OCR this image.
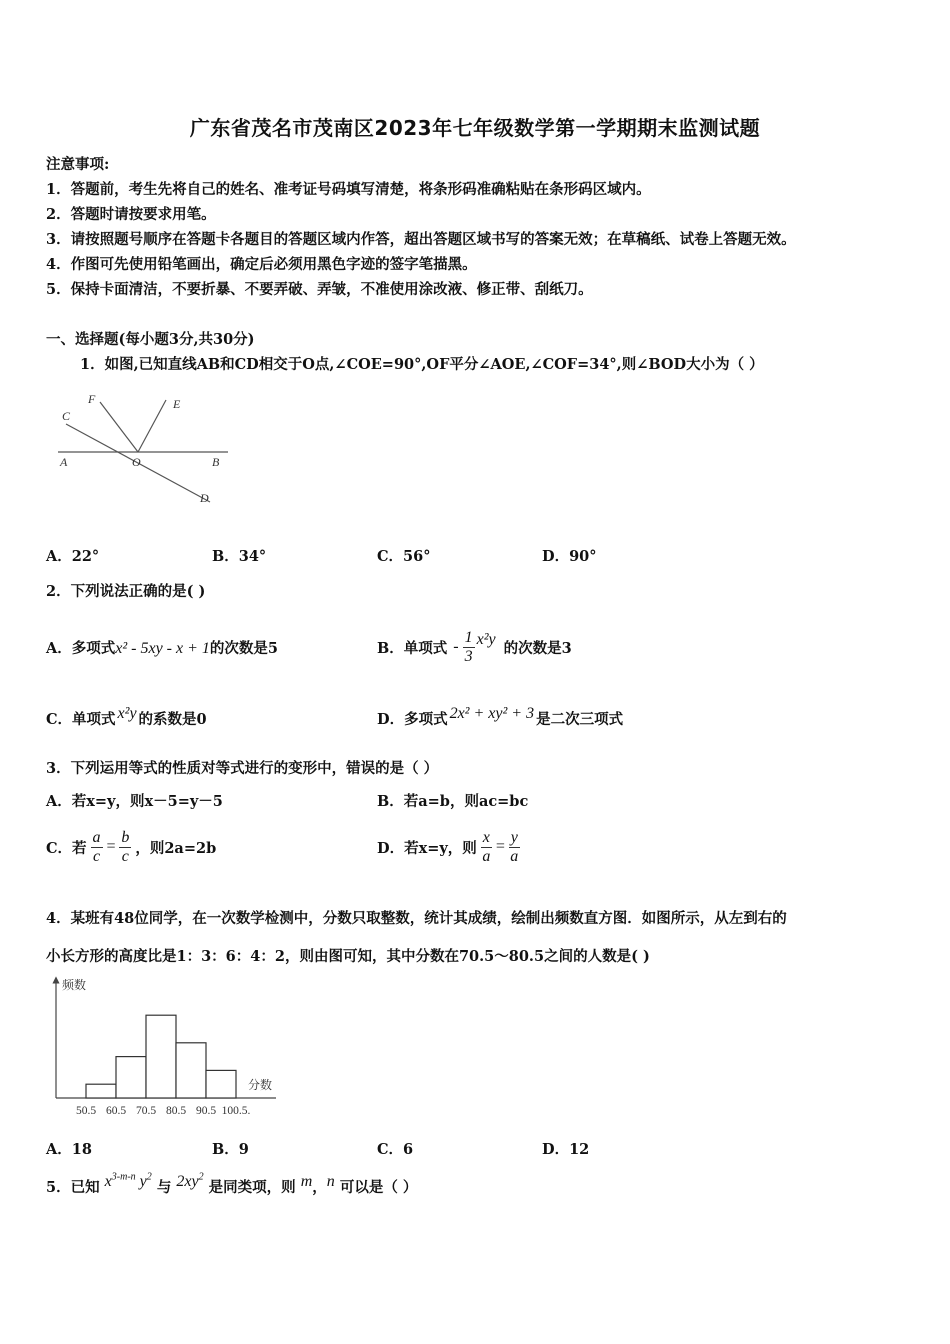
广东省茂名市茂南区2023年七年级数学第一学期期末监测试题
注意事项:
1．答题前，考生先将自己的姓名、准考证号码填写清楚，将条形码准确粘贴在条形码区域内。
2．答题时请按要求用笔。
3．请按照题号顺序在答题卡各题目的答题区域内作答，超出答题区域书写的答案无效；在草稿纸、试卷上答题无效。
4．作图可先使用铅笔画出，确定后必须用黑色字迹的签字笔描黑。
5．保持卡面清洁，不要折暴、不要弄破、弄皱，不准使用涂改液、修正带、刮纸刀。
一、选择题(每小题3分,共30分)
1．如图,已知直线AB和CD相交于O点,∠COE=90°,OF平分∠AOE,∠COF=34°,则∠BOD大小为（ ）
C
F	E
A	O	B
D
A．22°	B．34°	C．56°	D．90°
2．下列说法正确的是( )
A．多项式x² - 5xy - x + 1的次数是5	B．单项式 - $\frac{1}{3} x^2y$ 的次数是3
C．单项式 x²y 的系数是0	D．多项式 2x² + xy² + 3 是二次三项式
3．下列运用等式的性质对等式进行的变形中，错误的是（ ）
A．若x=y，则x－5=y－5	B．若a=b，则ac=bc
C．若 $\frac{a}{c} = \frac{b}{c}$ ，则2a=2b	D．若x=y，则 $\frac{x}{a} = \frac{y}{a}$
4．某班有48位同学，在一次数学检测中，分数只取整数，统计其成绩，绘制出频数直方图．如图所示，从左到右的
小长方形的高度比是1：3：6：4：2，则由图可知，其中分数在70.5～80.5之间的人数是( )
频数
分数
50.5 60.5 70.5 80.5 90.5 100.5.
A．18	B．9	C．6	D．12
5．已知 $x^{3-m-n}$ $y^2$ 与 $2xy^2$ 是同类项，则 m，n 可以是（ ）
